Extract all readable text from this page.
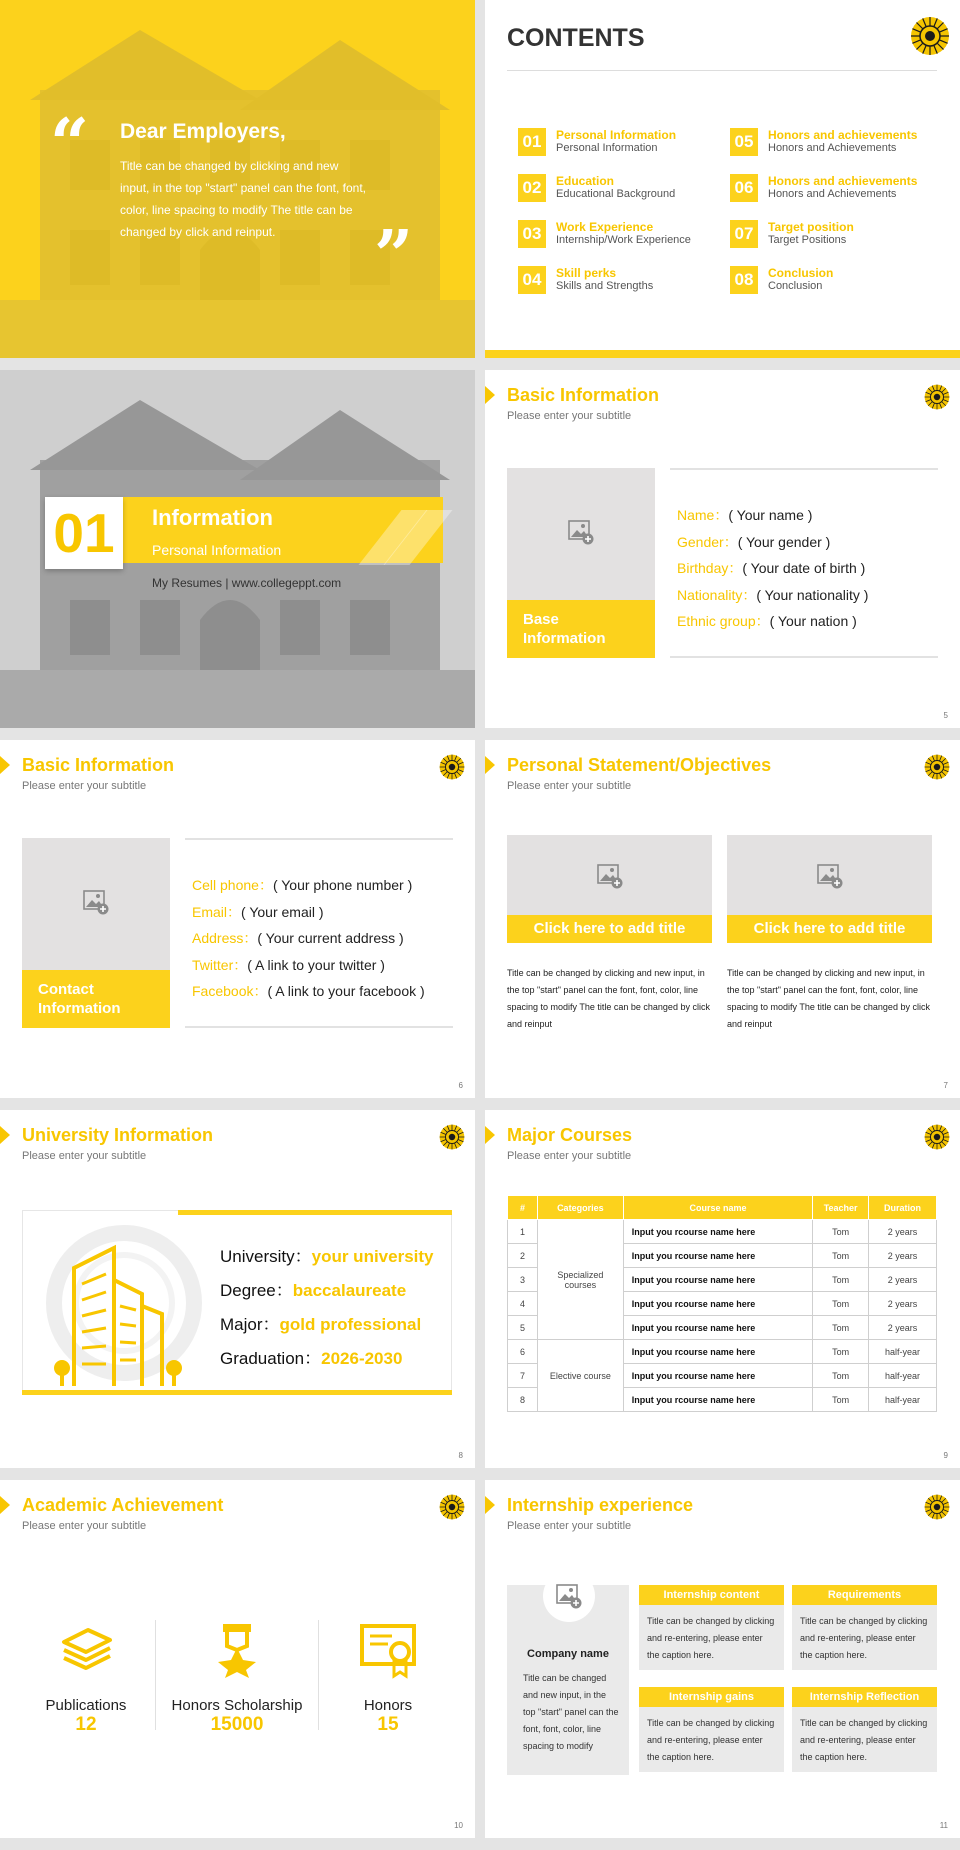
“ Dear Employers,
Title can be changed by clicking and new input, in the top "start" panel can the font, font, color, line spacing to modify The title can be changed by click and reinput.	”
CONTENTS
01	Personal Information
Personal Information
02	Education
Educational Background
03	Work Experience
Internship/Work Experience
04	Skill perks
Skills and Strengths
05	Honors and achievements
Honors and Achievements
06	Honors and achievements
Honors and Achievements
07	Target position
Target Positions
08	Conclusion
Conclusion
01	Information
Personal Information
My Resumes | www.collegeppt.com
Basic Information
Please enter your subtitle
Base Information
Name：( Your name )
Gender：( Your gender )
Birthday：( Your date of birth )
Nationality：( Your nationality )
Ethnic group：( Your nation )
5
Basic Information
Please enter your subtitle
Contact Information
Cell phone：( Your phone number )
Email：( Your email )
Address：( Your current address )
Twitter：( A link to your twitter )
Facebook：( A link to your facebook )
6
Personal Statement/Objectives
Please enter your subtitle
Click here to add title
Title can be changed by clicking and new input, in the top "start" panel can the font, font, color, line spacing to modify The title can be changed by click and reinput
Click here to add title
Title can be changed by clicking and new input, in the top "start" panel can the font, font, color, line spacing to modify The title can be changed by click and reinput
7
University Information
Please enter your subtitle
University：your university
Degree：baccalaureate
Major：gold professional
Graduation：2026-2030
8
Major Courses
Please enter your subtitle
#	Categories	Course name	Teacher	Duration
1	Specialized courses	Input you rcourse name here	Tom	2 years
2		Input you rcourse name here	Tom	2 years
3		Input you rcourse name here	Tom	2 years
4		Input you rcourse name here	Tom	2 years
5		Input you rcourse name here	Tom	2 years
6	Elective course	Input you rcourse name here	Tom	half-year
7		Input you rcourse name here	Tom	half-year
8		Input you rcourse name here	Tom	half-year
9
Academic Achievement
Please enter your subtitle
Publications
12
Honors Scholarship
15000
Honors
15
10
Internship experience
Please enter your subtitle
Company name
Title can be changed and new input, in the top "start" panel can the font, font, color, line spacing to modify
Internship content
Title can be changed by clicking and re-entering, please enter the caption here.
Requirements
Title can be changed by clicking and re-entering, please enter the caption here.
Internship gains
Title can be changed by clicking and re-entering, please enter the caption here.
Internship Reflection
Title can be changed by clicking and re-entering, please enter the caption here.
11
